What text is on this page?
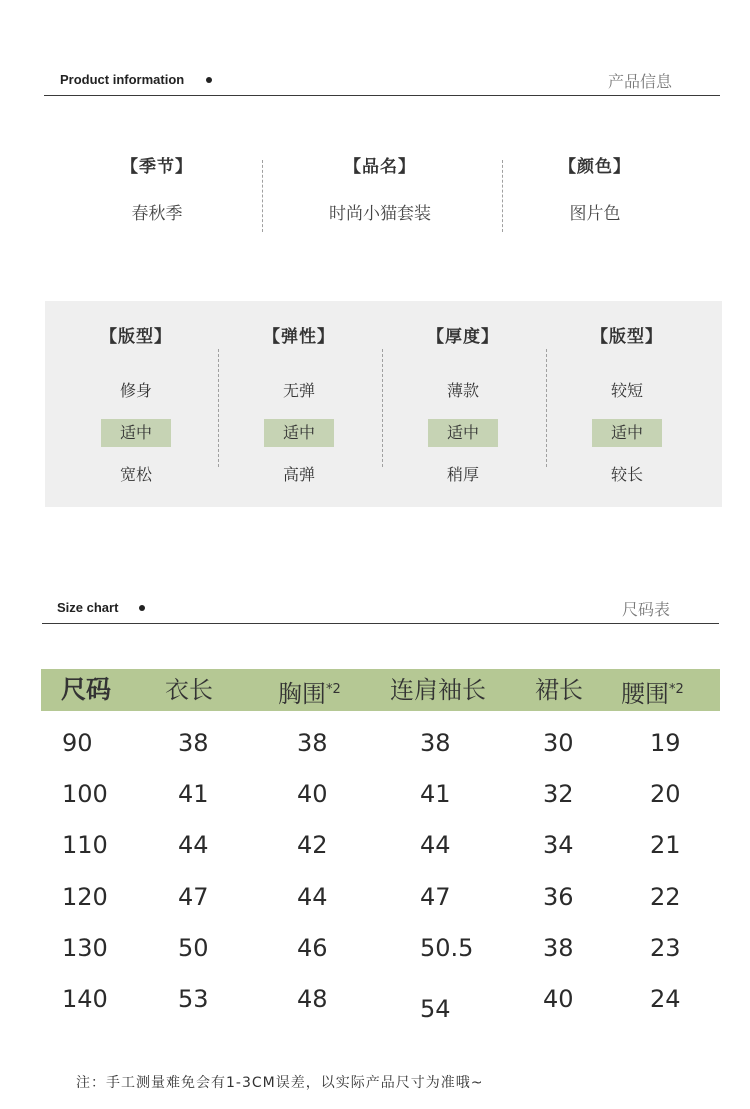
Product information	产品信息
【季节】
春秋季
【品名】
时尚小猫套装
【颜色】
图片色
【版型】
修身
适中
宽松
【弹性】
无弹
适中
高弹
【厚度】
薄款
适中
稍厚
【版型】
较短
适中
较长
Size chart	尺码表
尺码 衣长	胸围$^{*2}$ 连肩袖长 裙长 腰围$^{*2}$
90	38	38	38	30	19
100	41	40	41	32	20
110	44	42	44	34	21
120	47	44	47	36	22
130	50	46	50.5	38	23
140	53	48	54	40	24
注：手工测量难免会有1-3CM误差，以实际产品尺寸为准哦~
